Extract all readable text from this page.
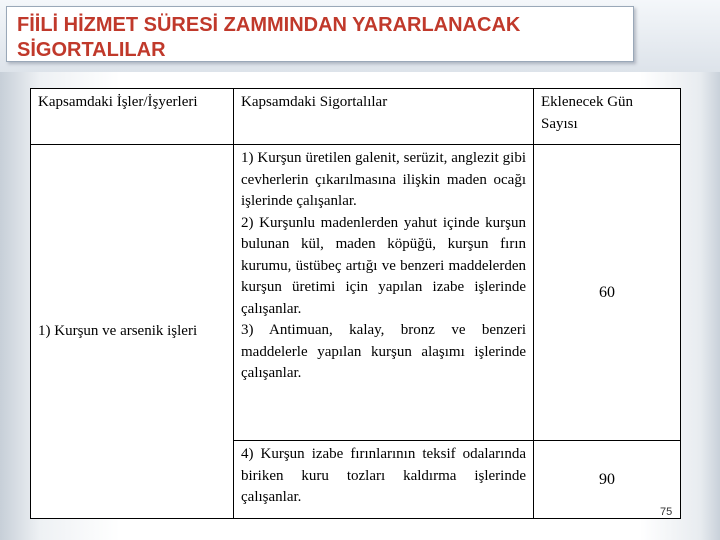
FİİLİ HİZMET SÜRESİ ZAMMINDAN YARARLANACAK
SİGORTALILAR
Kapsamdaki İşler/İşyerleri	Kapsamdaki Sigortalılar	Eklenecek Gün Sayısı
1) Kurşun ve arsenik işleri	1) Kurşun üretilen galenit, serüzit, anglezit gibi cevherlerin çıkarılmasına ilişkin maden ocağı işlerinde çalışanlar.
2) Kurşunlu madenlerden yahut içinde kurşun bulunan kül, maden köpüğü, kurşun fırın kurumu, üstübeç artığı ve benzeri maddelerden kurşun üretimi için yapılan izabe işlerinde çalışanlar.
3) Antimuan, kalay, bronz ve benzeri maddelerle yapılan kurşun alaşımı işlerinde çalışanlar.	60

	4) Kurşun izabe fırınlarının teksif odalarında biriken kuru tozları kaldırma işlerinde çalışanlar.	90
75
